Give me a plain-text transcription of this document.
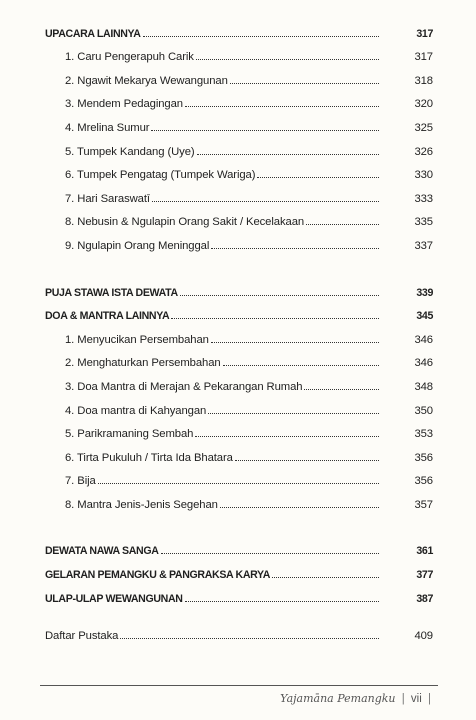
UPACARA LAINNYA	317
1. Caru Pengerapuh Carik	317
2. Ngawit Mekarya Wewangunan	318
3. Mendem Pedagingan	320
4. Mrelina Sumur	325
5. Tumpek Kandang (Uye)	326
6. Tumpek Pengatag (Tumpek Wariga)	330
7. Hari Saraswatī	333
8. Nebusin & Ngulapin Orang Sakit / Kecelakaan	335
9. Ngulapin Orang Meninggal	337
PUJA STAWA ISTA DEWATA	339
DOA & MANTRA LAINNYA	345
1. Menyucikan Persembahan	346
2. Menghaturkan Persembahan	346
3. Doa Mantra di Merajan & Pekarangan Rumah	348
4. Doa mantra di Kahyangan	350
5. Parikramaning Sembah	353
6. Tirta Pukuluh / Tirta Ida Bhatara	356
7. Bija	356
8. Mantra Jenis-Jenis Segehan	357
DEWATA NAWA SANGA	361
GELARAN PEMANGKU & PANGRAKSA KARYA	377
ULAP-ULAP WEWANGUNAN	387
Daftar Pustaka	409
Yajamāna Pemangku | vii |
